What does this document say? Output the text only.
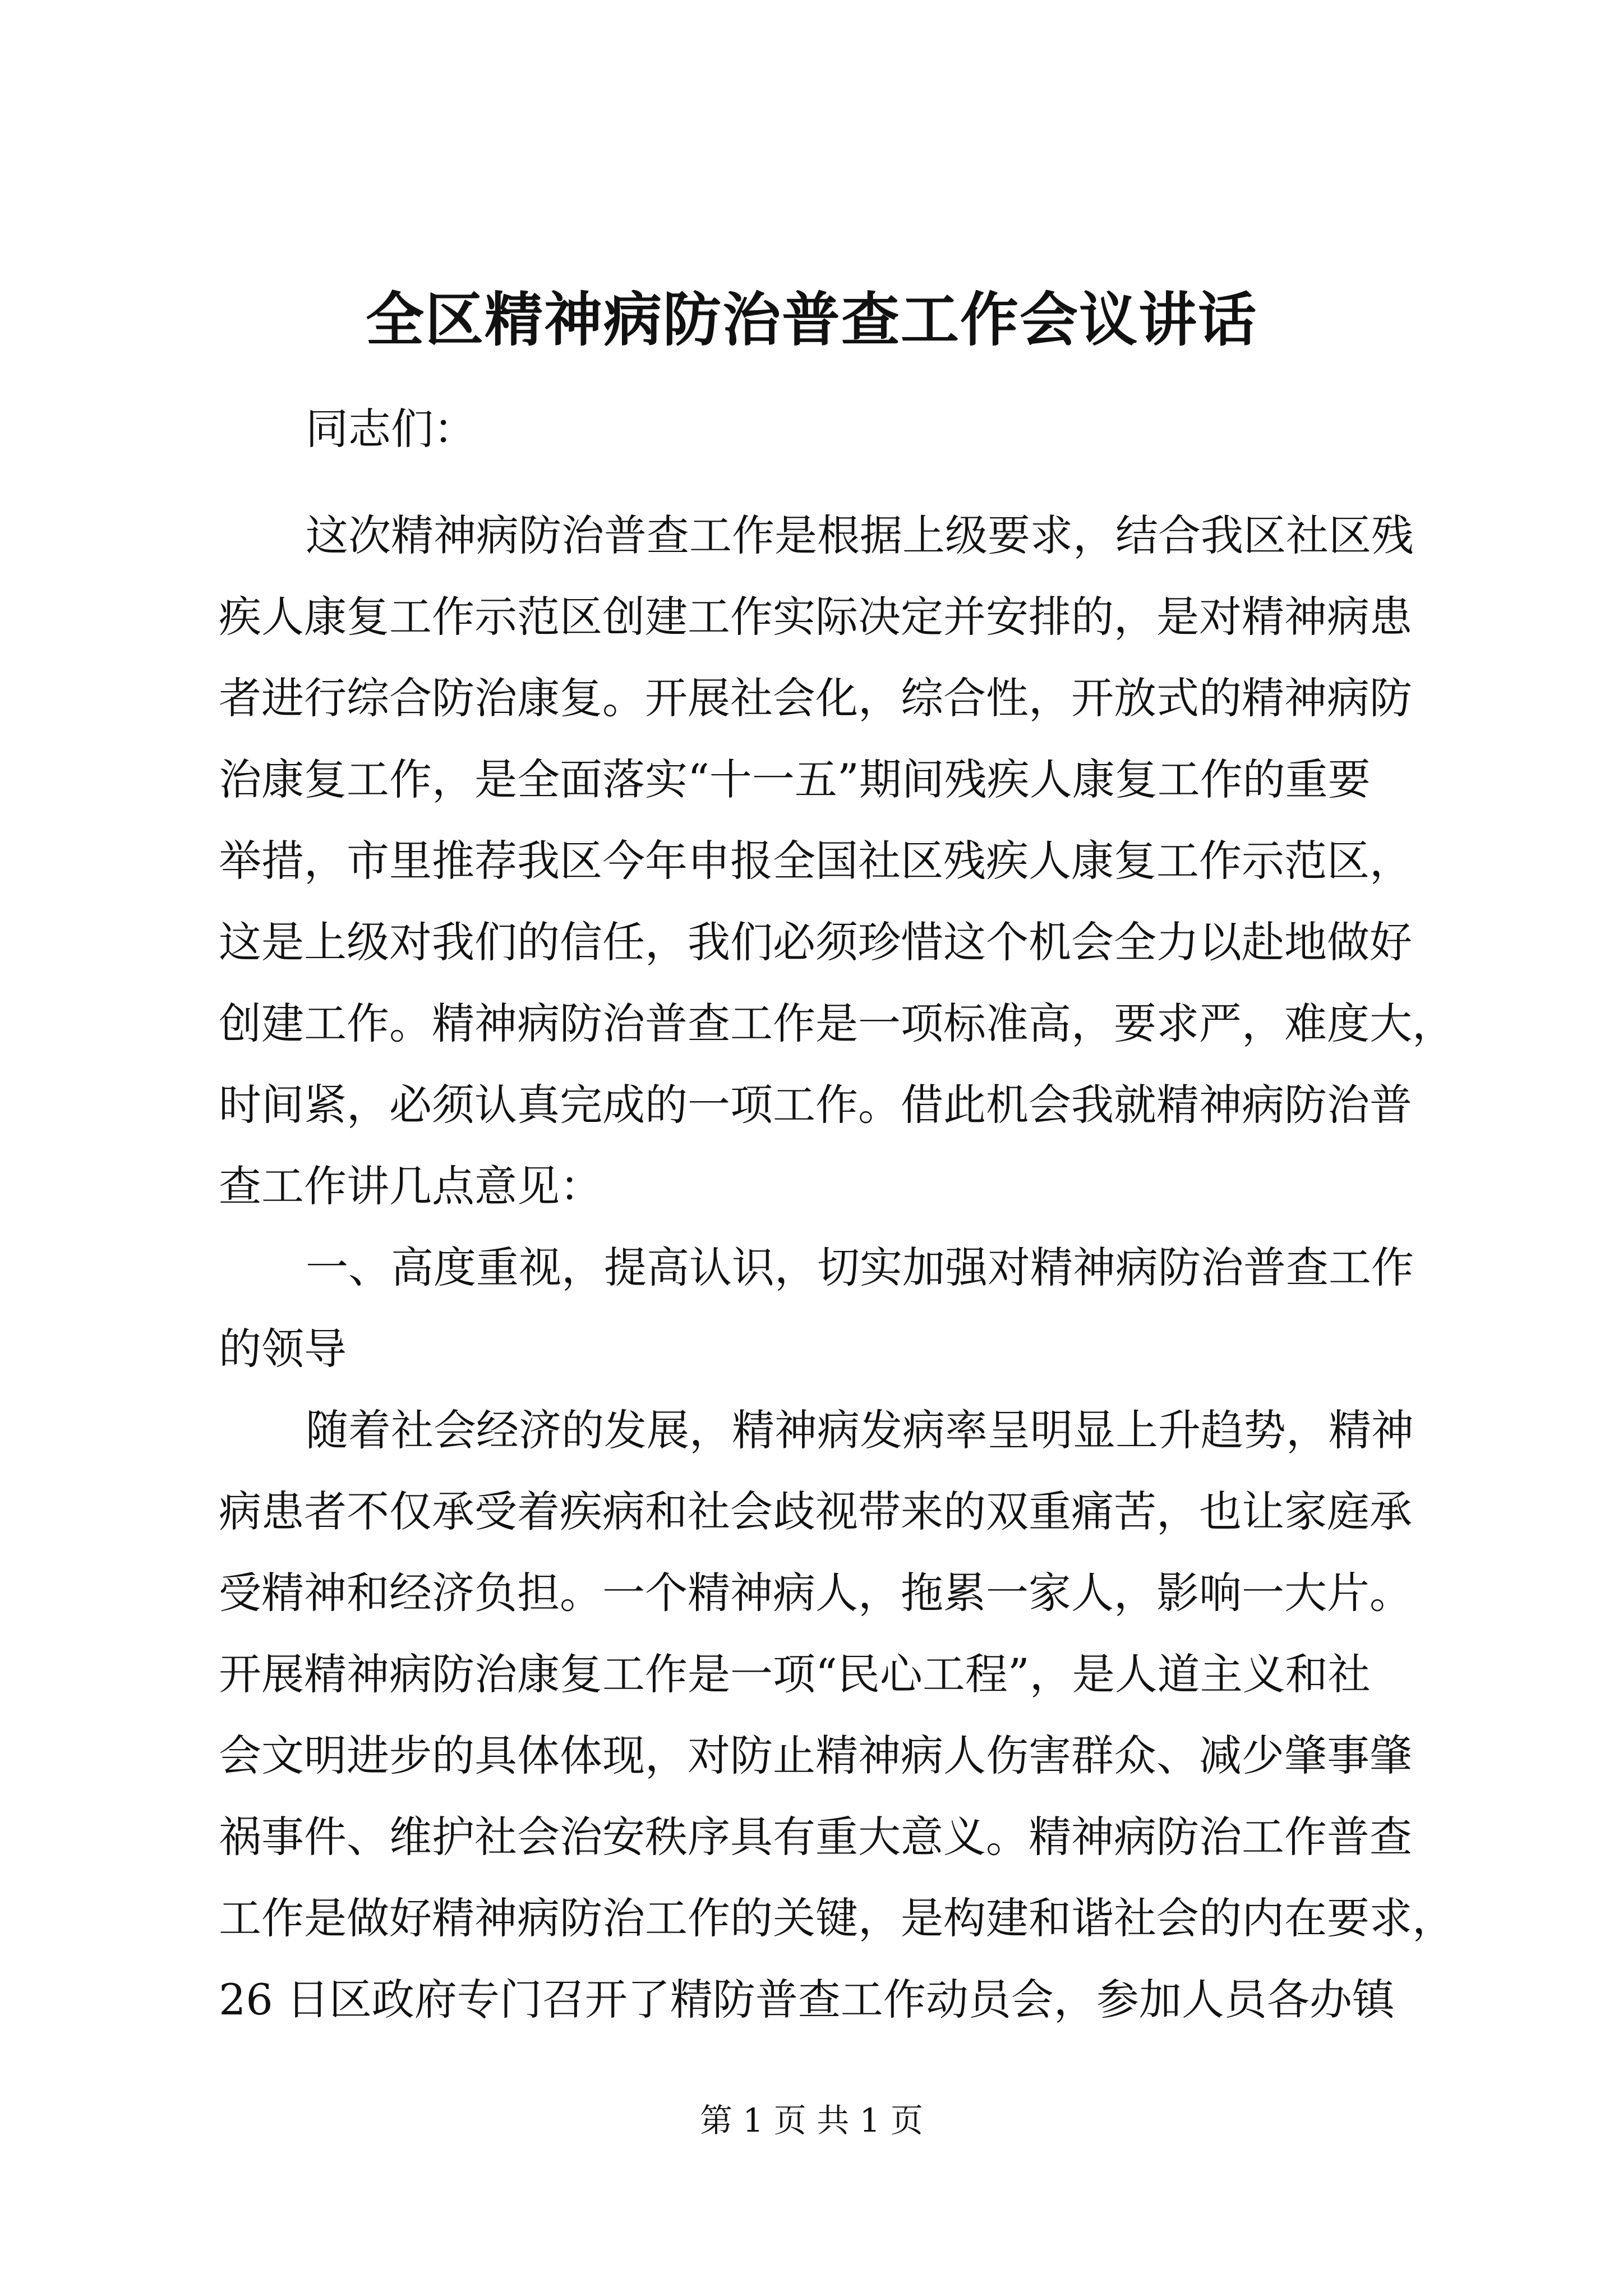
全区精神病防治普查工作会议讲话

同志们：

这次精神病防治普查工作是根据上级要求，结合我区社区残

疾人康复工作示范区创建工作实际决定并安排的，是对精神病患

者进行综合防治康复。开展社会化，综合性，开放式的精神病防

治康复工作，是全面落实“十一五”期间残疾人康复工作的重要

举措，市里推荐我区今年申报全国社区残疾人康复工作示范区，

这是上级对我们的信任，我们必须珍惜这个机会全力以赴地做好

创建工作。精神病防治普查工作是一项标准高，要求严，难度大，

时间紧，必须认真完成的一项工作。借此机会我就精神病防治普

查工作讲几点意见：

一、高度重视，提高认识，切实加强对精神病防治普查工作

的领导

随着社会经济的发展，精神病发病率呈明显上升趋势，精神

病患者不仅承受着疾病和社会歧视带来的双重痛苦，也让家庭承

受精神和经济负担。一个精神病人，拖累一家人，影响一大片。

开展精神病防治康复工作是一项“民心工程”，是人道主义和社

会文明进步的具体体现，对防止精神病人伤害群众、减少肇事肇

祸事件、维护社会治安秩序具有重大意义。精神病防治工作普查

工作是做好精神病防治工作的关键，是构建和谐社会的内在要求，

26 日区政府专门召开了精防普查工作动员会，参加人员各办镇

第 1 页 共 1 页
